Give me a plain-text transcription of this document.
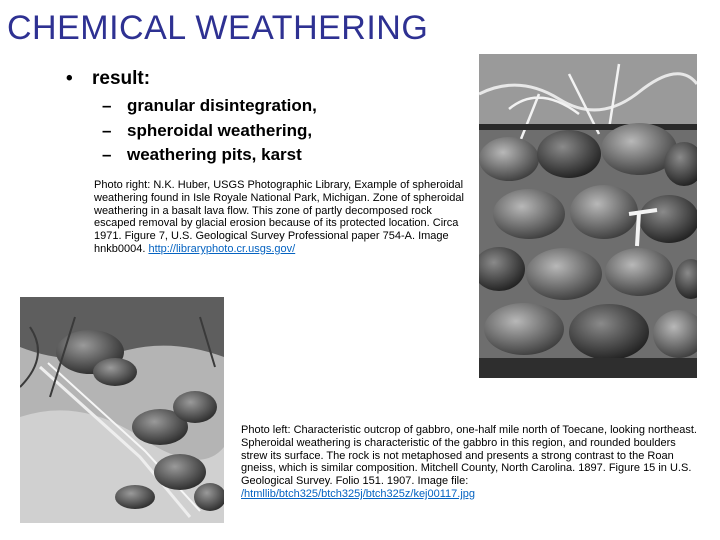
CHEMICAL WEATHERING
• result:
– granular disintegration,
– spheroidal weathering,
– weathering pits, karst
Photo right: N.K. Huber, USGS Photographic Library, Example of spheroidal weathering found in Isle Royale National Park, Michigan. Zone of spheroidal weathering in a basalt lava flow. This zone of partly decomposed rock escaped removal by glacial erosion because of its protected location. Circa 1971. Figure 7, U.S. Geological Survey Professional paper 754-A. Image hnkb0004. http://libraryphoto.cr.usgs.gov/
Photo left: Characteristic outcrop of gabbro, one-half mile north of Toecane, looking northeast. Spheroidal weathering is characteristic of the gabbro in this region, and rounded boulders strew its surface. The rock is not metaphosed and presents a strong contrast to the Roan gneiss, which is similar composition. Mitchell County, North Carolina. 1897. Figure 15 in U.S. Geological Survey. Folio 151. 1907. Image file: /htmllib/btch325/btch325j/btch325z/kej00117.jpg
